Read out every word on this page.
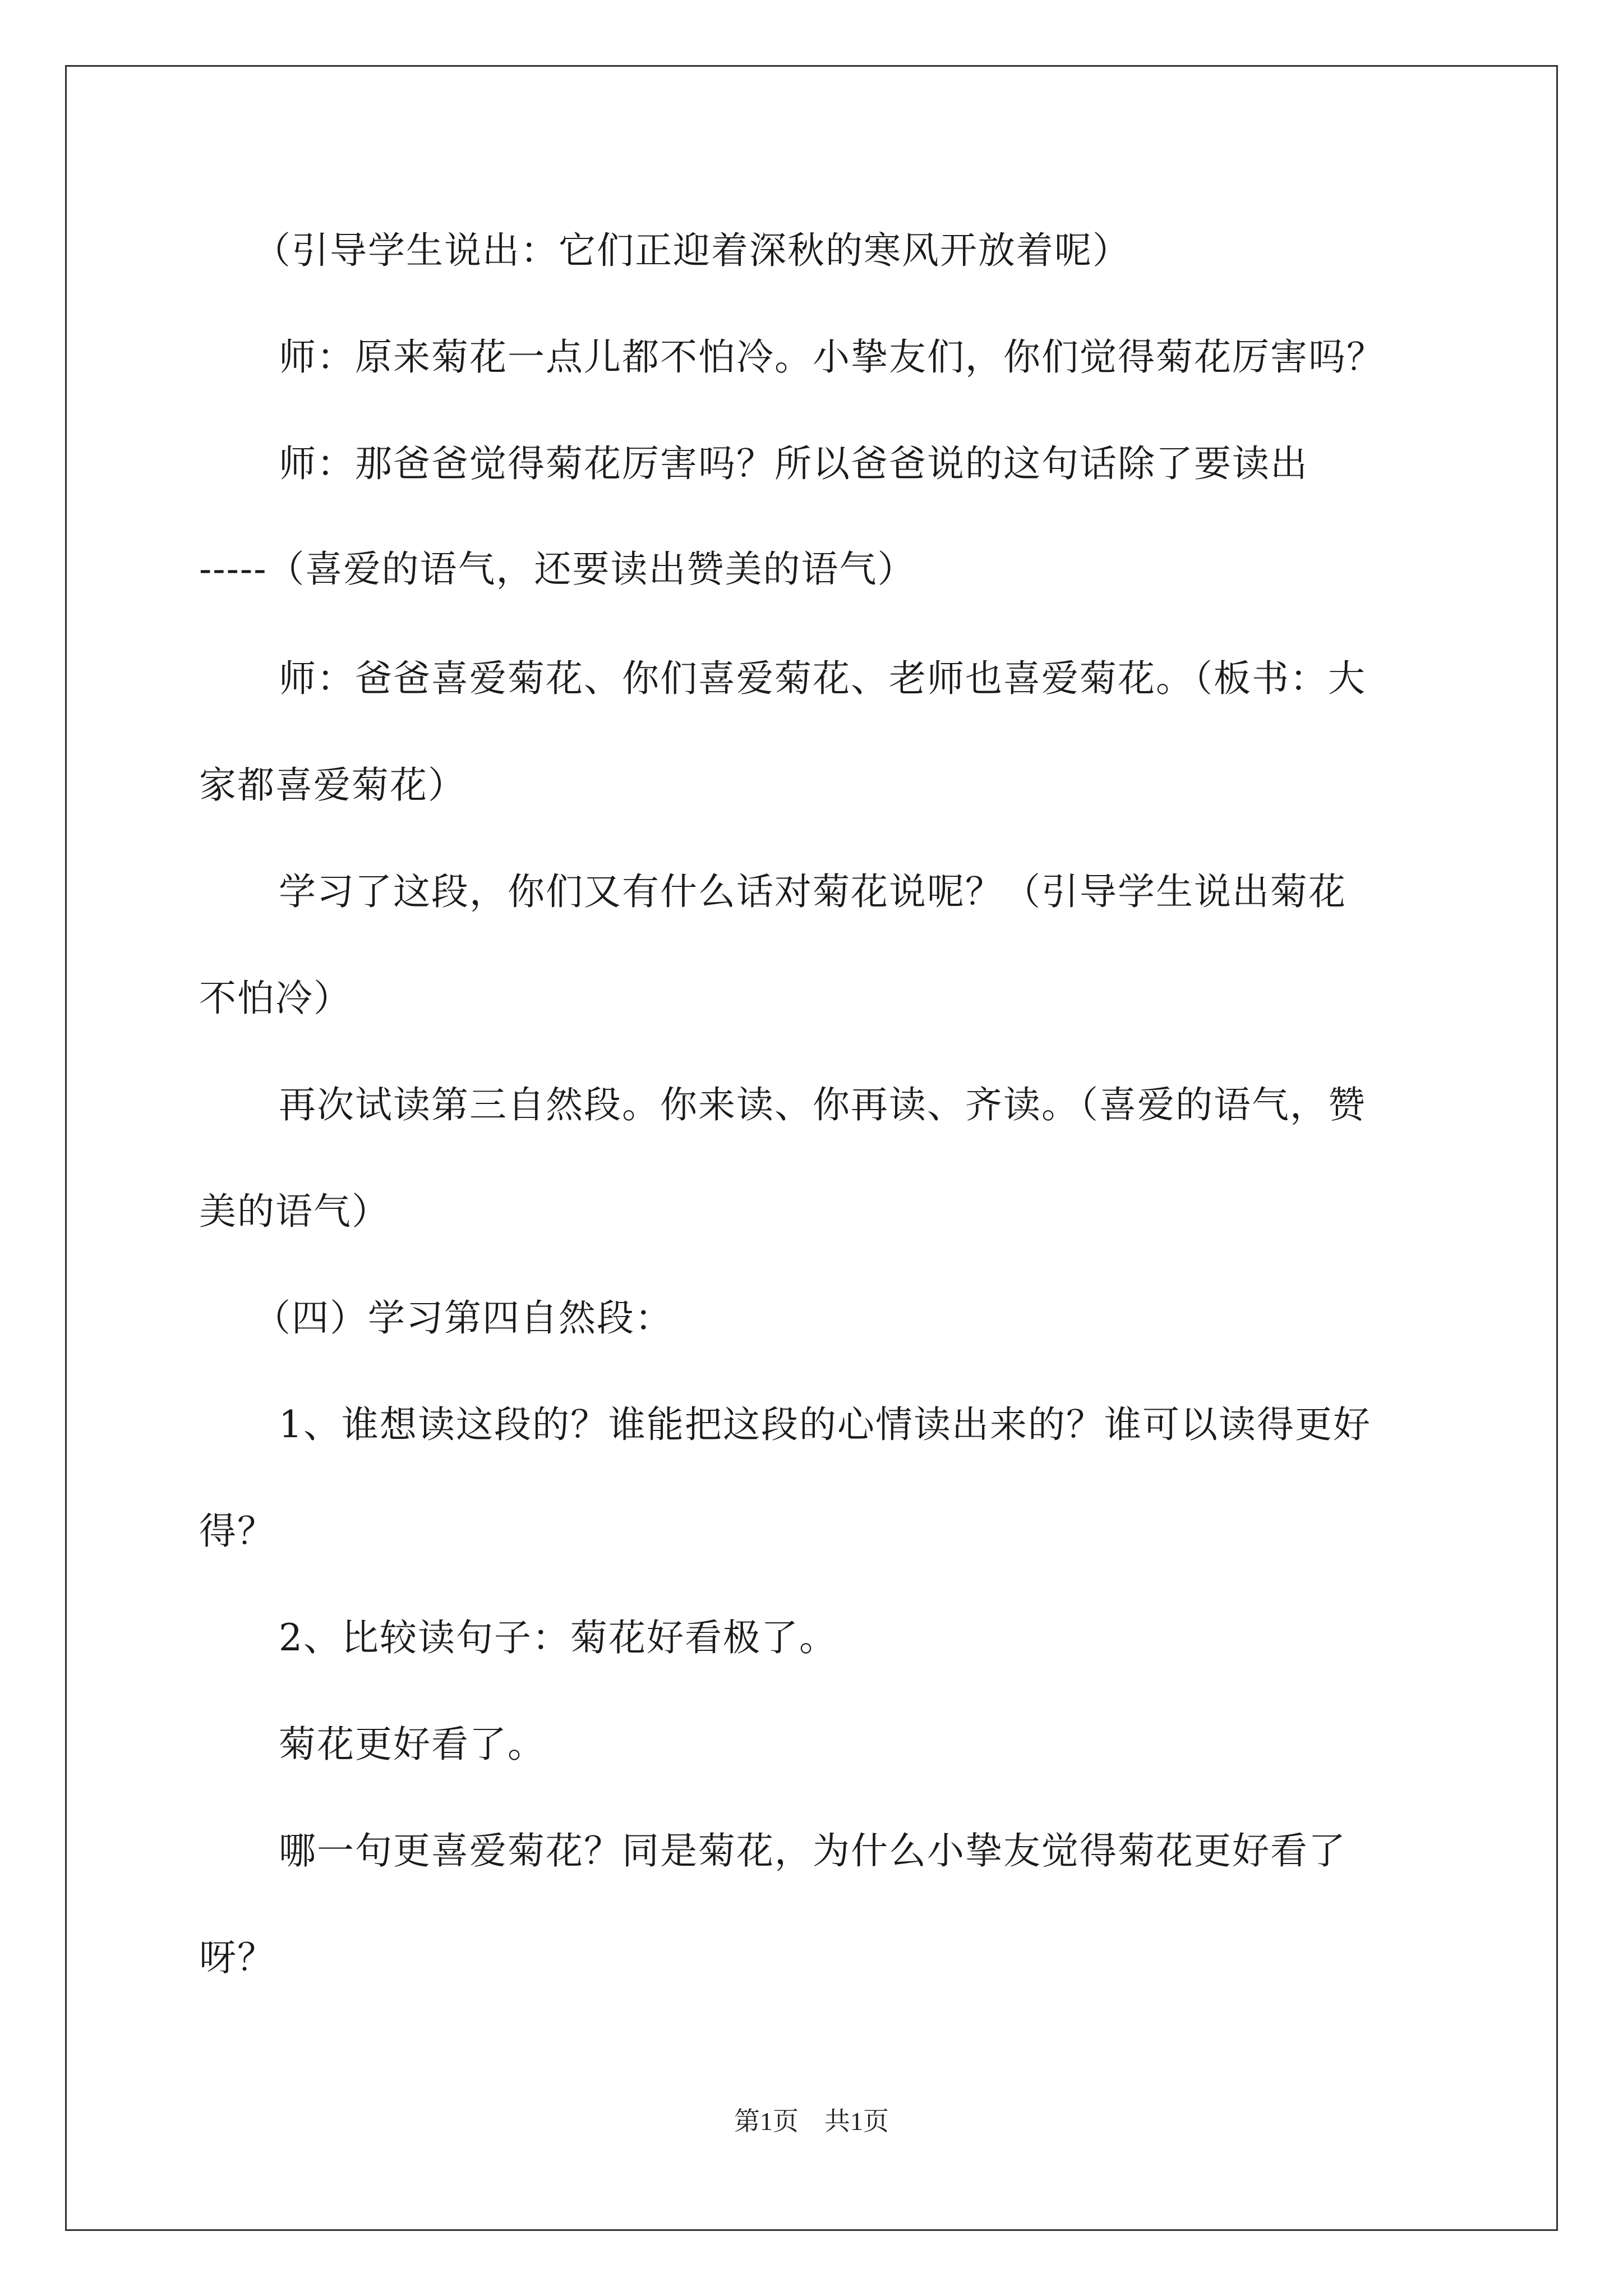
（引导学生说出：它们正迎着深秋的寒风开放着呢）
师：原来菊花一点儿都不怕冷。小挚友们，你们觉得菊花厉害吗？
师：那爸爸觉得菊花厉害吗？所以爸爸说的这句话除了要读出
-----（喜爱的语气，还要读出赞美的语气）
师：爸爸喜爱菊花、你们喜爱菊花、老师也喜爱菊花。（板书：大
家都喜爱菊花）
学习了这段，你们又有什么话对菊花说呢？（引导学生说出菊花
不怕冷）
再次试读第三自然段。你来读、你再读、齐读。（喜爱的语气，赞
美的语气）
（四）学习第四自然段：
1、谁想读这段的？谁能把这段的心情读出来的？谁可以读得更好
得？
2、比较读句子：菊花好看极了。
菊花更好看了。
哪一句更喜爱菊花？同是菊花，为什么小挚友觉得菊花更好看了
呀？
第1页　共1页
